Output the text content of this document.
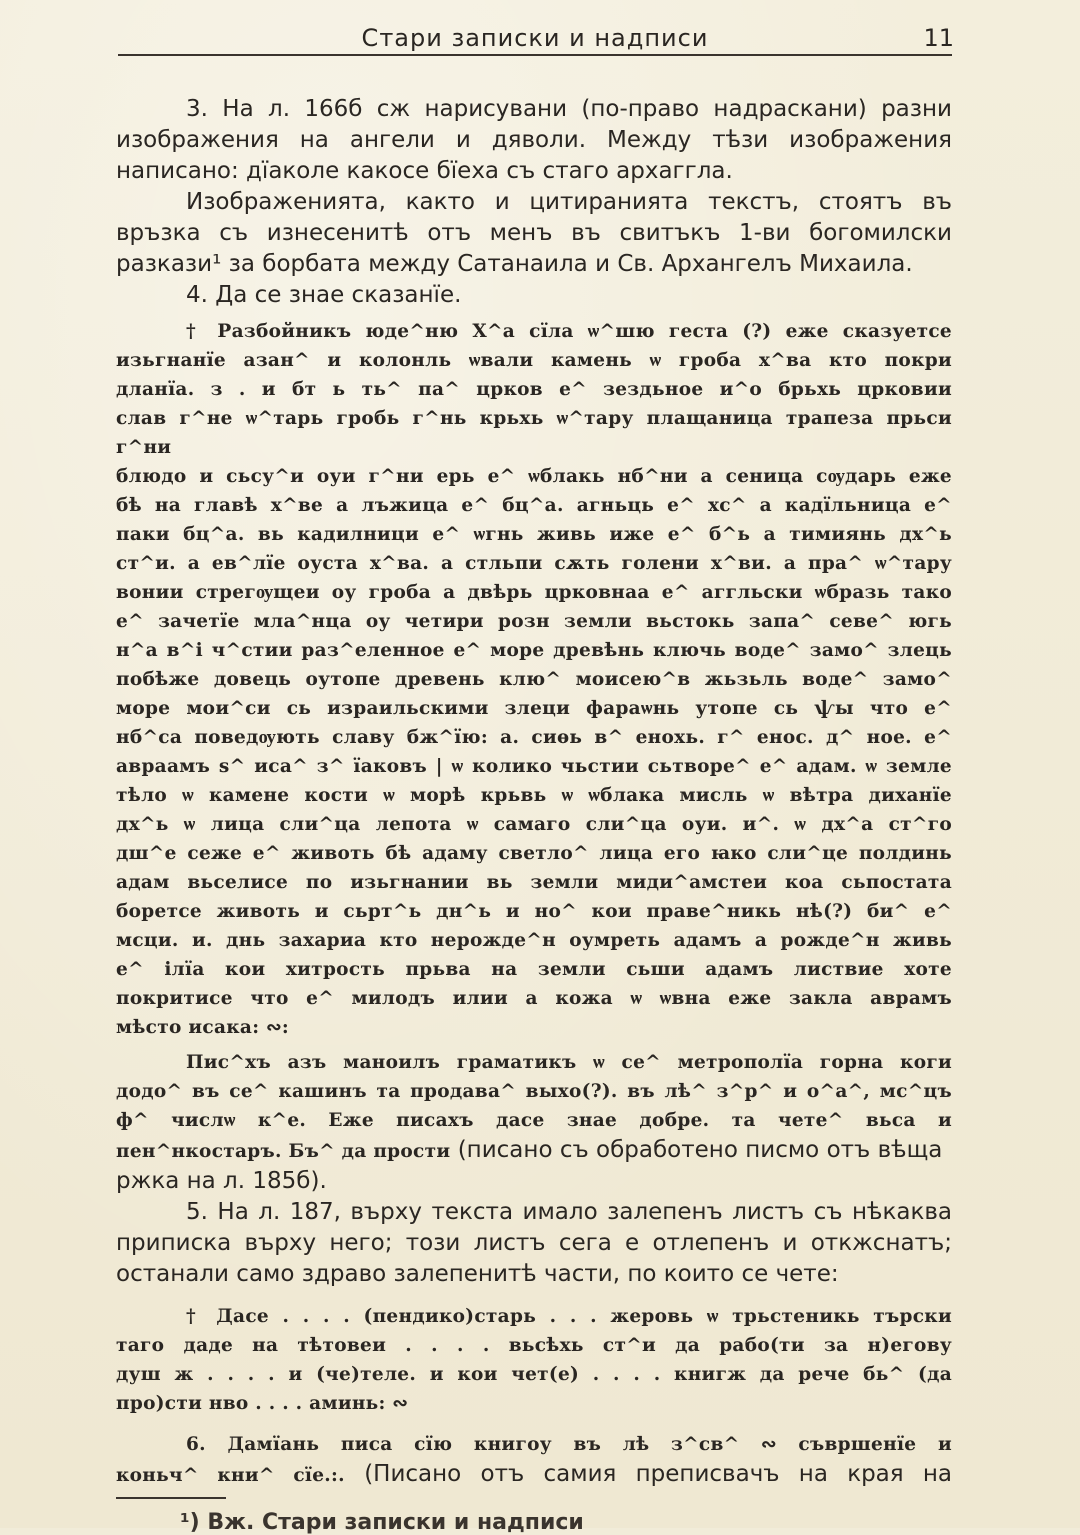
Стари записки и надписи	11

3. На л. 166б сж нарисувани (по-право надраскани) разни изображения на ангели и дяволи. Между тѣзи изображения написано: дїаколе какосе бїеха съ стаго архаггла.

Изображенията, както и цитиранията текстъ, стоятъ въ връзка съ изнесенитѣ отъ менъ въ свитъкъ 1-ви богомилски разкази¹ за борбата между Сатанаила и Св. Архангелъ Михаила.

4. Да се знае сказанїе.

† Разбойникъ юде^ню Х^а сїла ѡ^шю геста (?) еже сказуетсе

изьгнанїе азан^ и колонль ѡвали камень ѡ гроба х^ва кто покри

дланїа. з . и бт ь ть^ па^ црков е^ зездьное и^о брьхь црковии

слав г^не ѡ^тарь гробь г^нь крьхь ѡ^тару плащаница трапеза прьси г^ни

блюдо и сьсу^и оуи г^ни ерь е^ ѡблакь нб^ни а сеница сѹдарь еже

бѣ на главѣ х^ве а лъжица е^ бц^а. агньць е^ хс^ а кадїльница е^

паки бц^а. вь кадилници е^ ѡгнь живь иже е^ б^ь а тимиянь дх^ь

ст^и. а ев^лїе оуста х^ва. а стльпи сѫть голени х^ви. а пра^ ѡ^тару

вонии стрегѹщеи оу гроба а двѣрь црковнаа е^ аггльски ѡбразь тако

е^ зачетїе мла^нца оу четири розн земли вьстокь запа^ севе^ югь

н^а в^і ч^стии раз^еленное е^ море древѣнь ключь воде^ замо^ злець

побѣже довець оутопе древень клю^ моисею^в жьзьль воде^ замо^

море мои^си сь израильскими злеци фараѡнь утопе сь ѱы что е^

нб^са поведѹють славу бж^їю: а. сиѳь в^ енохь. г^ енос. д^ ное. е^

авраамъ ѕ^ иса^ з^ їаковъ | ѡ колико чьстии сьтворе^ е^ адам. ѡ земле

тѣло ѡ камене кости ѡ морѣ крьвь ѡ ѡблака мисль ѡ вѣтра диханїе

дх^ь ѡ лица сли^ца лепота ѡ самаго сли^ца оуи. и^. ѡ дх^а ст^го

дш^е сеже е^ животь бѣ адаму светло^ лица его ꙗко сли^це полдинь

адам вьселисе по изьгнании вь земли миди^амстеи коа сьпостата

боретсе животь и сьрт^ь дн^ь и но^ кои праве^никь нѣ(?) би^ е^

мсци. и. днь захариа кто нерожде^н оумреть адамъ а рожде^н живь

е^ ілїа кои хитрость прьва на земли сьши адамъ листвие хоте

покритисе что е^ милодъ илии а кожа ѡ ѡвна еже закла аврамъ

мѣсто исака: ∾:

Пис^хъ азъ маноилъ граматикъ ѡ се^ метрополїа горна коги

додо^ въ се^ кашинъ та продава^ выхо(?). въ лѣ^ з^р^ и о^а^, мс^цъ

ф^ числѡ к^е. Еже писахъ дасе знае добре. та чете^ вьса и

пен^нкостаръ. Бъ^ да прости (писано съ обработено писмо отъ вѣща ржка на л. 185б).

5. На л. 187, върху текста имало залепенъ листъ съ нѣкаква приписка върху него; този листъ сега е отлепенъ и откжснатъ; останали само здраво залепенитѣ части, по които се чете:

† Дасе . . . . (пендико)старь . . . жеровь ѡ трьстеникь търски

таго даде на тѣтовеи . . . . вьсѣхь ст^и да рабо(ти за н)егову

душ ж . . . . и (че)теле. и кои чет(е) . . . . книгж да рече бь^ (да

про)сти нво . . . . аминь: ∾

6. Дамїань писа сїю книгоу въ лѣ з^св^ ∾ съвршенїе и

коньч^ кни^ сїе.:. (Писано отъ самия преписвачъ на края на

¹) Вж. Стари записки и надписи
